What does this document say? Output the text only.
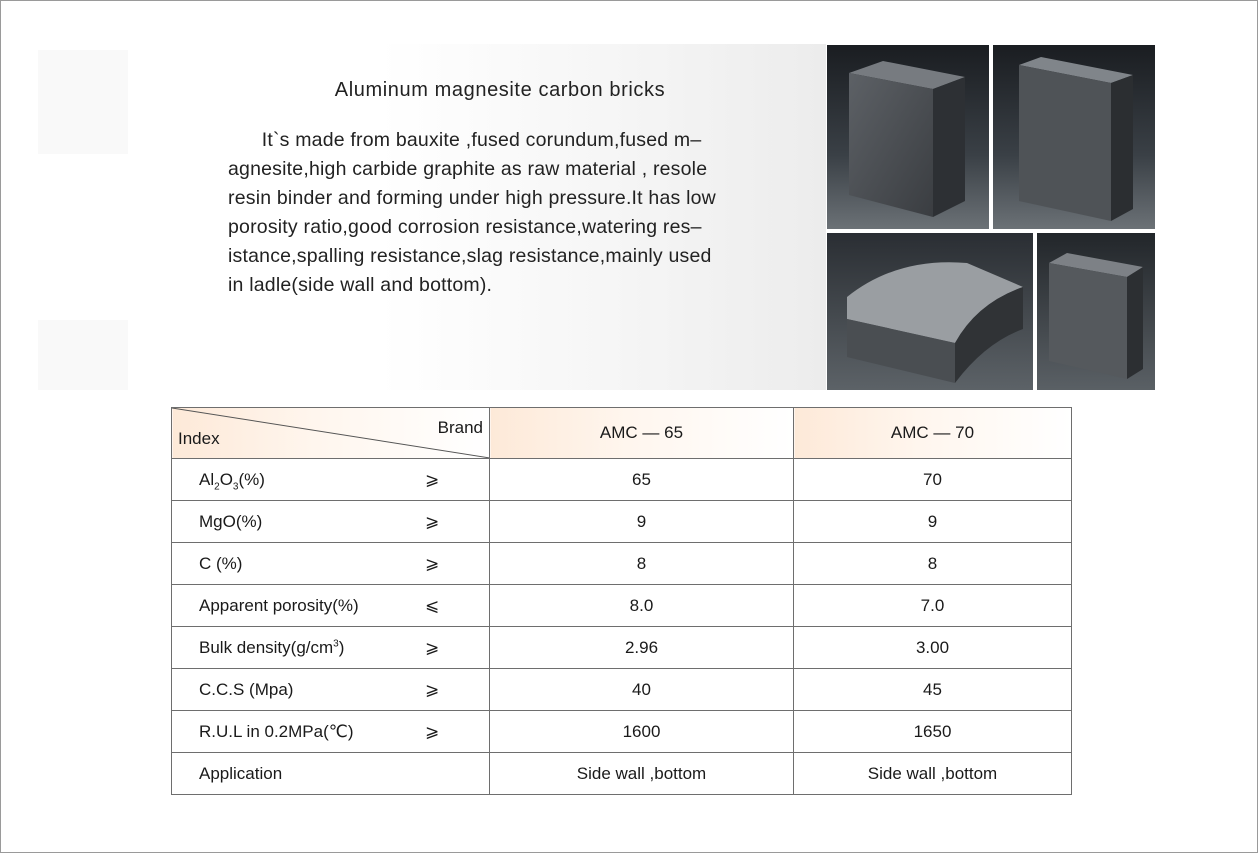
Aluminum magnesite carbon bricks
It`s made from bauxite ,fused corundum,fused m–
agnesite,high carbide graphite as raw material , resole
resin binder and forming under high pressure.It has low
porosity ratio,good corrosion resistance,watering res–
istance,spalling resistance,slag resistance,mainly used
in ladle(side wall and bottom).
Index
Brand	AMC — 65	AMC — 70

$Al_2O_3(\%)$ ⩾	65	70

MgO(%) ⩾	9	9

C (%) ⩾	8	8

Apparent porosity(%) ⩽	8.0	7.0

Bulk $density(g/cm^3)$ ⩾	2.96	3.00

C.C.S (Mpa) ⩾	40	45

R.U.L in 0.2MPa(℃) ⩾	1600	1650

Application	Side wall ,bottom	Side wall ,bottom
